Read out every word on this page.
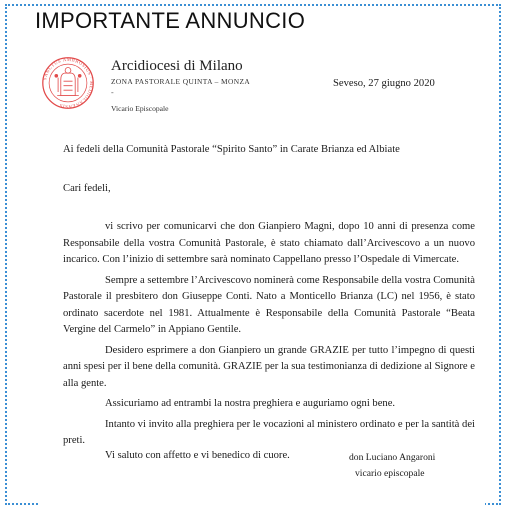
IMPORTANTE ANNUNCIO
SANCTUS AMBROSIUS · MEDIOLANENSIS
Arcidiocesi di Milano
ZONA PASTORALE QUINTA – MONZA
-
Vicario Episcopale
Seveso, 27 giugno 2020
Ai fedeli della Comunità Pastorale “Spirito Santo” in Carate Brianza ed Albiate
Cari fedeli,

vi scrivo per comunicarvi che don Gianpiero Magni, dopo 10 anni di presenza come Responsabile della vostra Comunità Pastorale, è stato chiamato dall’Arcivescovo a un nuovo incarico. Con l’inizio di settembre sarà nominato Cappellano presso l’Ospedale di Vimercate.

Sempre a settembre l’Arcivescovo nominerà come Responsabile della vostra Comunità Pastorale il presbitero don Giuseppe Conti. Nato a Monticello Brianza (LC) nel 1956, è stato ordinato sacerdote nel 1981. Attualmente è Responsabile della Comunità Pastorale “Beata Vergine del Carmelo” in Appiano Gentile.

Desidero esprimere a don Gianpiero un grande GRAZIE per tutto l’impegno di questi anni spesi per il bene della comunità. GRAZIE per la sua testimonianza di dedizione al Signore e alla gente.

Assicuriamo ad entrambi la nostra preghiera e auguriamo ogni bene.

Intanto vi invito alla preghiera per le vocazioni al ministero ordinato e per la santità dei preti.

Vi saluto con affetto e vi benedico di cuore.	don Luciano Angaroni
vicario episcopale
